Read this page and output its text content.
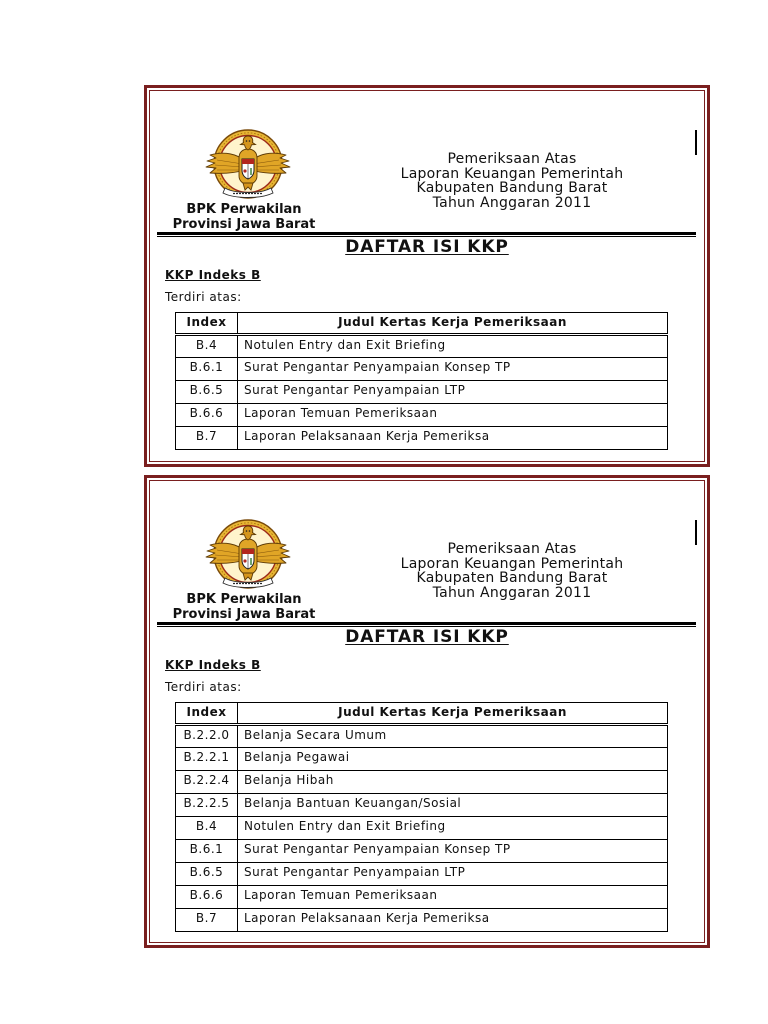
BPK Perwakilan
Provinsi Jawa Barat
Pemeriksaan Atas
Laporan Keuangan Pemerintah
Kabupaten Bandung Barat
Tahun Anggaran 2011
DAFTAR ISI KKP
KKP Indeks B
Terdiri atas:
Index	Judul Kertas Kerja Pemeriksaan
B.4	Notulen Entry dan Exit Briefing
B.6.1	Surat Pengantar Penyampaian Konsep TP
B.6.5	Surat Pengantar Penyampaian LTP
B.6.6	Laporan Temuan Pemeriksaan
B.7	Laporan Pelaksanaan Kerja Pemeriksa
BPK Perwakilan
Provinsi Jawa Barat
Pemeriksaan Atas
Laporan Keuangan Pemerintah
Kabupaten Bandung Barat
Tahun Anggaran 2011
DAFTAR ISI KKP
KKP Indeks B
Terdiri atas:
Index	Judul Kertas Kerja Pemeriksaan
B.2.2.0	Belanja Secara Umum
B.2.2.1	Belanja Pegawai
B.2.2.4	Belanja Hibah
B.2.2.5	Belanja Bantuan Keuangan/Sosial
B.4	Notulen Entry dan Exit Briefing
B.6.1	Surat Pengantar Penyampaian Konsep TP
B.6.5	Surat Pengantar Penyampaian LTP
B.6.6	Laporan Temuan Pemeriksaan
B.7	Laporan Pelaksanaan Kerja Pemeriksa
